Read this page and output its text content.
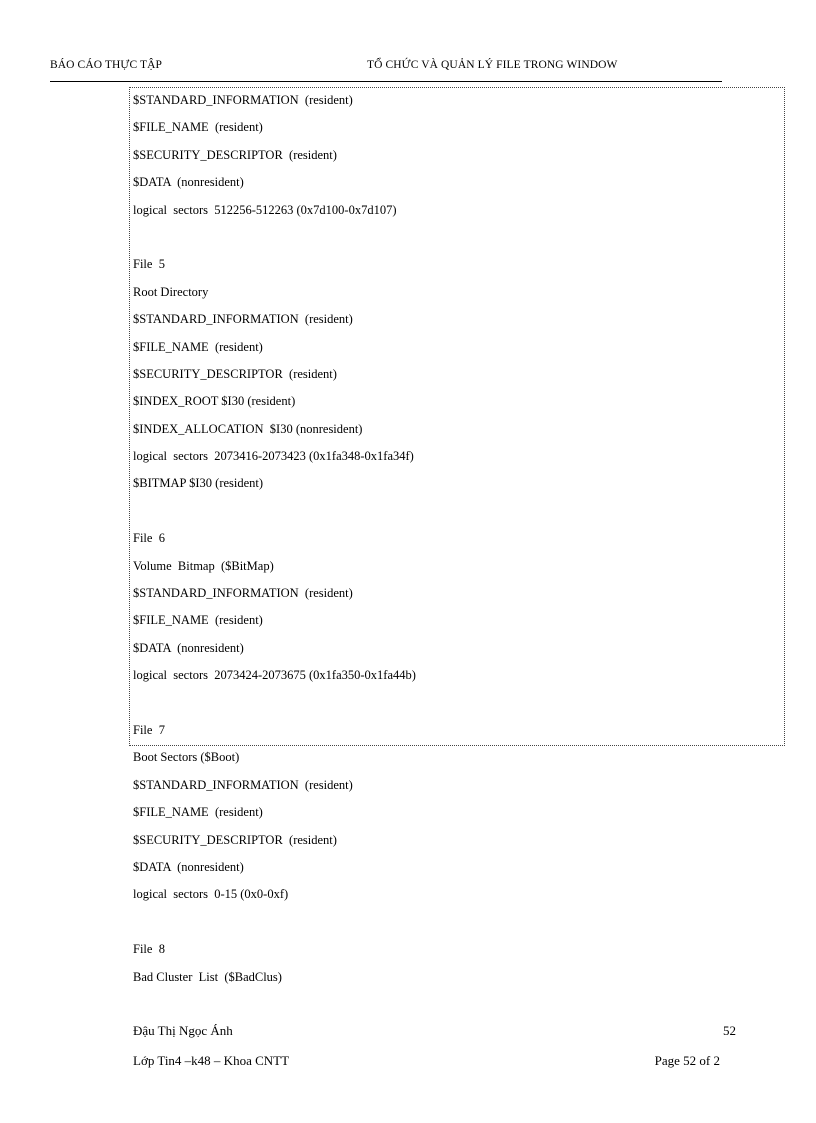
BÁO CÁO THỰC TẬP	TỔ CHỨC VÀ QUẢN LÝ FILE TRONG WINDOW
$STANDARD_INFORMATION  (resident)
$FILE_NAME  (resident)
$SECURITY_DESCRIPTOR  (resident)
$DATA  (nonresident)
logical  sectors  512256-512263 (0x7d100-0x7d107)
File  5
Root Directory
$STANDARD_INFORMATION  (resident)
$FILE_NAME  (resident)
$SECURITY_DESCRIPTOR  (resident)
$INDEX_ROOT $I30 (resident)
$INDEX_ALLOCATION  $I30 (nonresident)
logical  sectors  2073416-2073423 (0x1fa348-0x1fa34f)
$BITMAP $I30 (resident)
File  6
Volume  Bitmap  ($BitMap)
$STANDARD_INFORMATION  (resident)
$FILE_NAME  (resident)
$DATA  (nonresident)
logical  sectors  2073424-2073675 (0x1fa350-0x1fa44b)
File  7
Boot Sectors ($Boot)
$STANDARD_INFORMATION  (resident)
$FILE_NAME  (resident)
$SECURITY_DESCRIPTOR  (resident)
$DATA  (nonresident)
logical  sectors  0-15 (0x0-0xf)
File  8
Bad Cluster  List  ($BadClus)
Đậu Thị Ngọc Ánh
Lớp Tin4 –k48 – Khoa CNTT
52
Page 52 of 2
